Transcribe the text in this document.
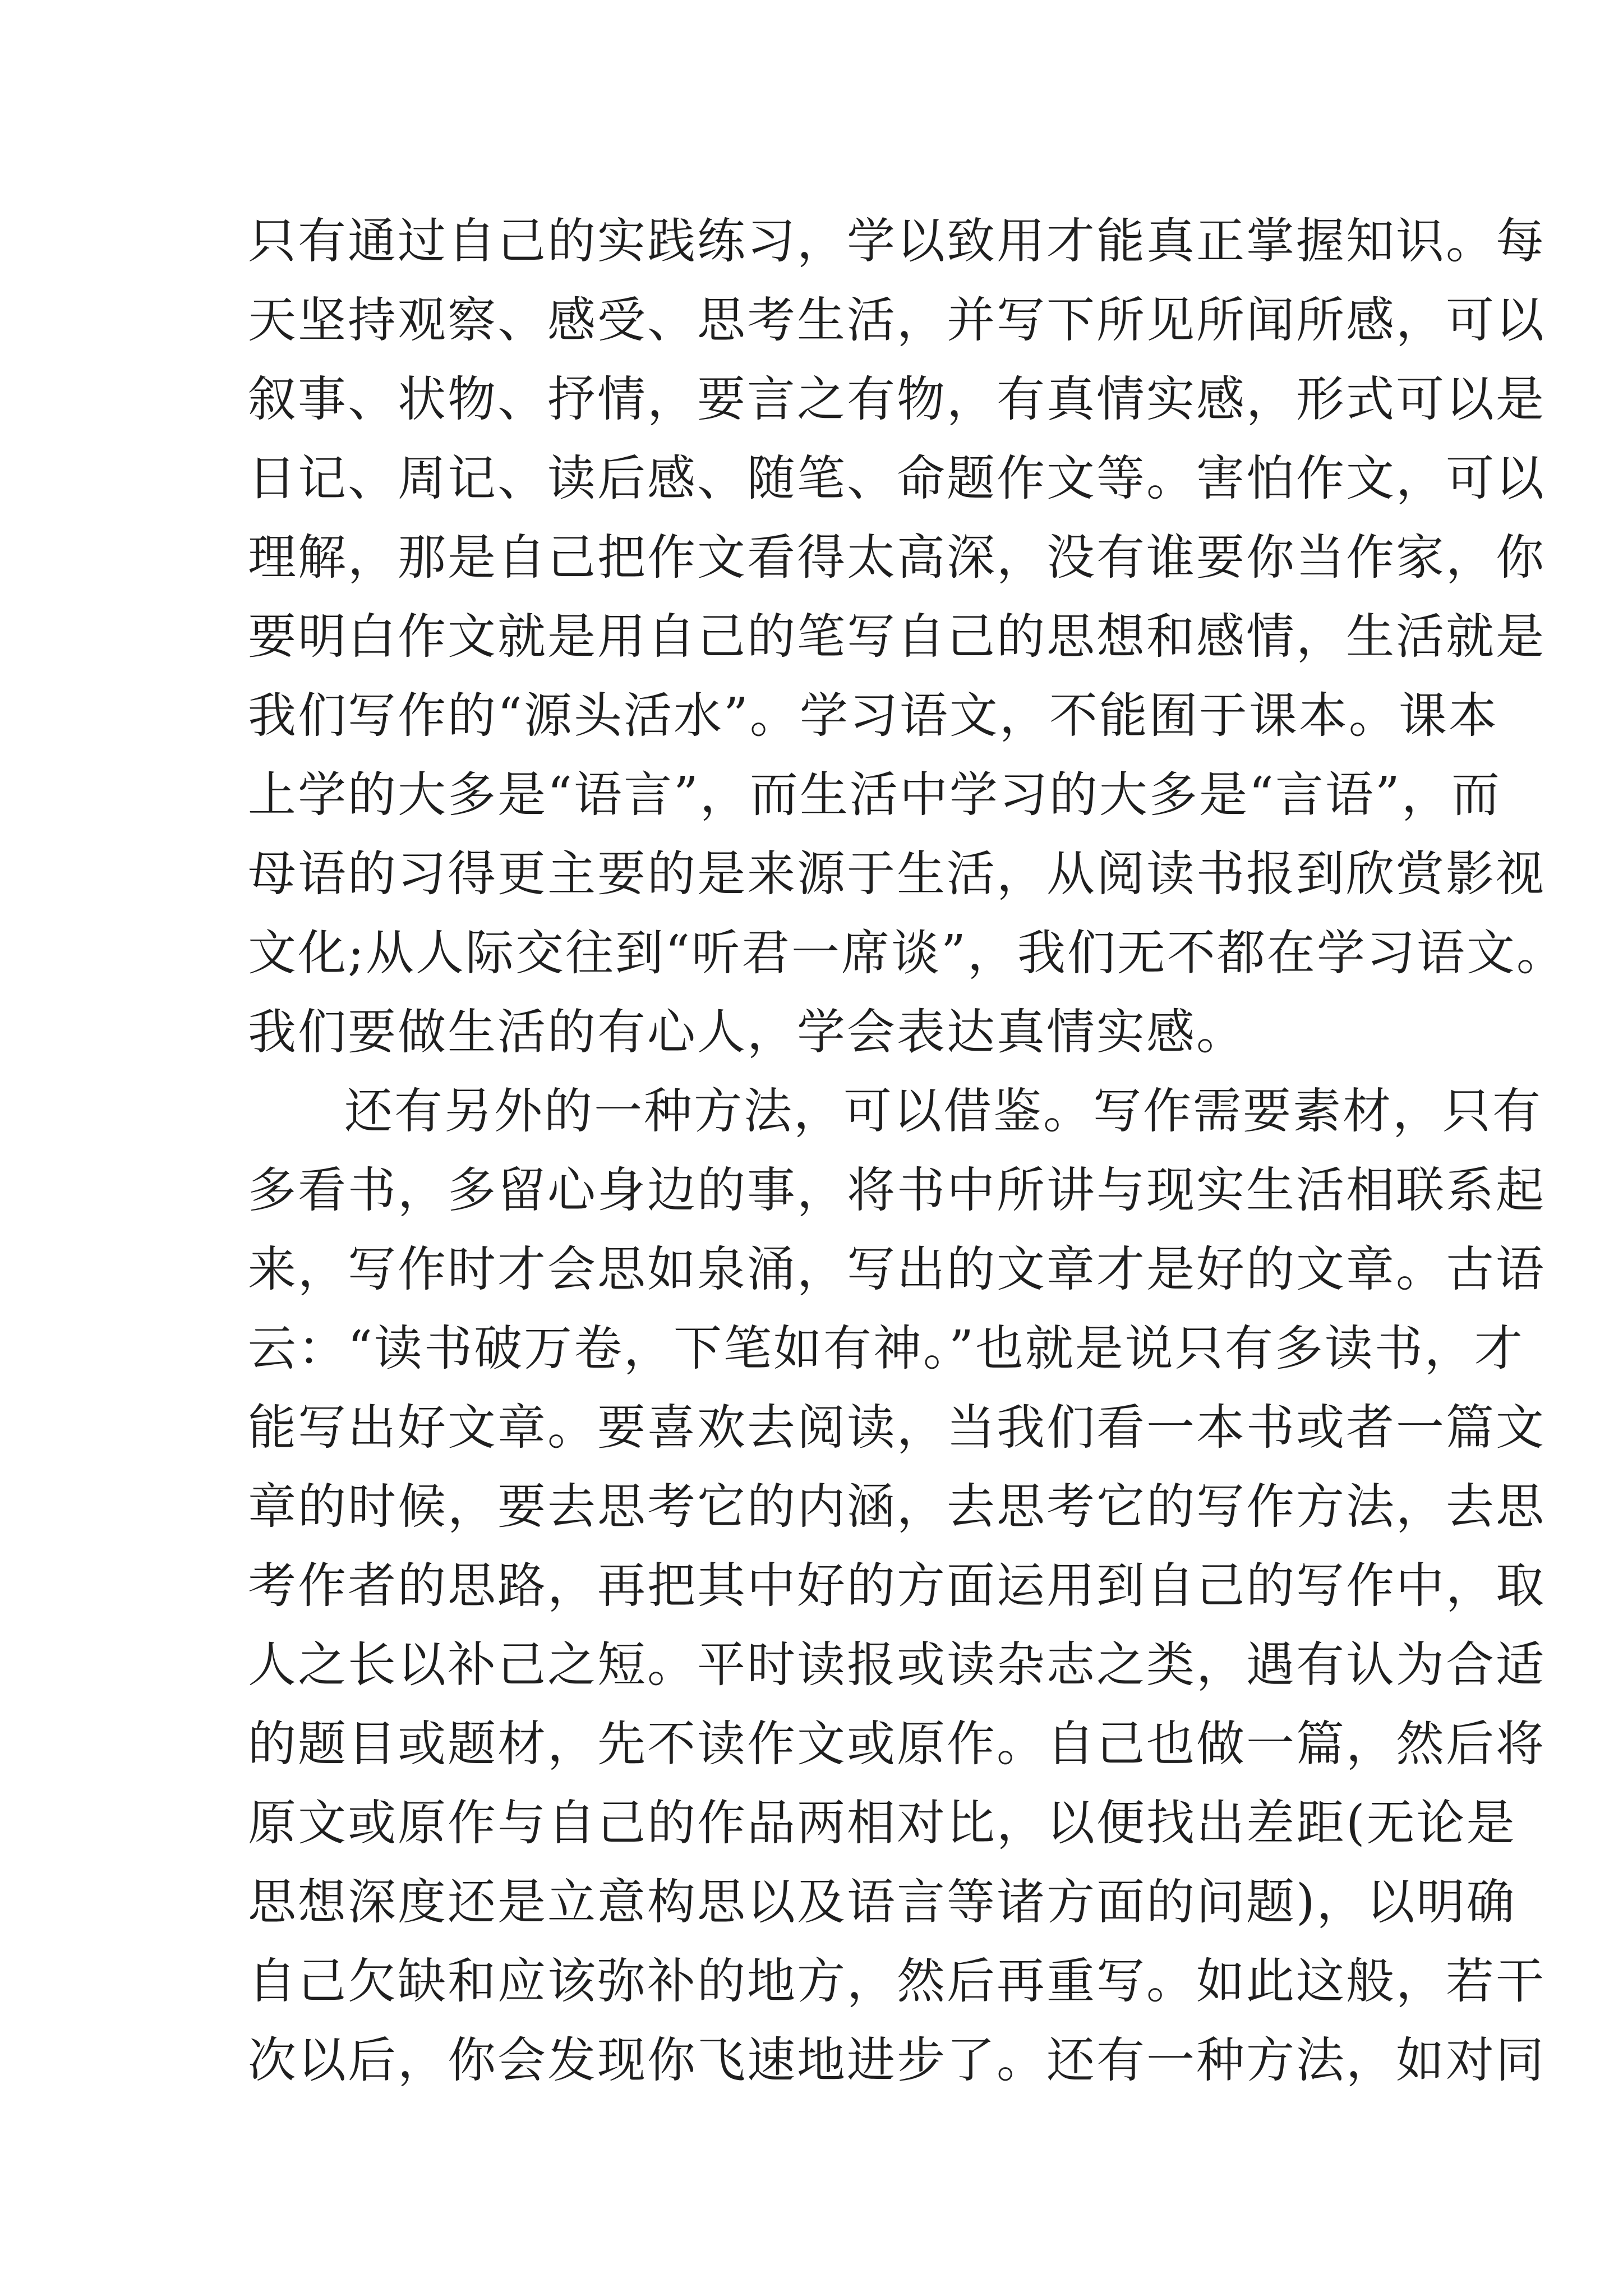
只有通过自己的实践练习，学以致用才能真正掌握知识。每
天坚持观察、感受、思考生活，并写下所见所闻所感，可以
叙事、状物、抒情，要言之有物，有真情实感，形式可以是
日记、周记、读后感、随笔、命题作文等。害怕作文，可以
理解，那是自己把作文看得太高深，没有谁要你当作家，你
要明白作文就是用自己的笔写自己的思想和感情，生活就是
我们写作的“源头活水”。学习语文，不能囿于课本。课本
上学的大多是“语言”，而生活中学习的大多是“言语”，而
母语的习得更主要的是来源于生活，从阅读书报到欣赏影视
文化;从人际交往到“听君一席谈”，我们无不都在学习语文。
我们要做生活的有心人，学会表达真情实感。
还有另外的一种方法，可以借鉴。写作需要素材，只有
多看书，多留心身边的事，将书中所讲与现实生活相联系起
来，写作时才会思如泉涌，写出的文章才是好的文章。古语
云：“读书破万卷，下笔如有神。”也就是说只有多读书，才
能写出好文章。要喜欢去阅读，当我们看一本书或者一篇文
章的时候，要去思考它的内涵，去思考它的写作方法，去思
考作者的思路，再把其中好的方面运用到自己的写作中，取
人之长以补己之短。平时读报或读杂志之类，遇有认为合适
的题目或题材，先不读作文或原作。自己也做一篇，然后将
原文或原作与自己的作品两相对比，以便找出差距(无论是
思想深度还是立意构思以及语言等诸方面的问题)，以明确
自己欠缺和应该弥补的地方，然后再重写。如此这般，若干
次以后，你会发现你飞速地进步了。还有一种方法，如对同
